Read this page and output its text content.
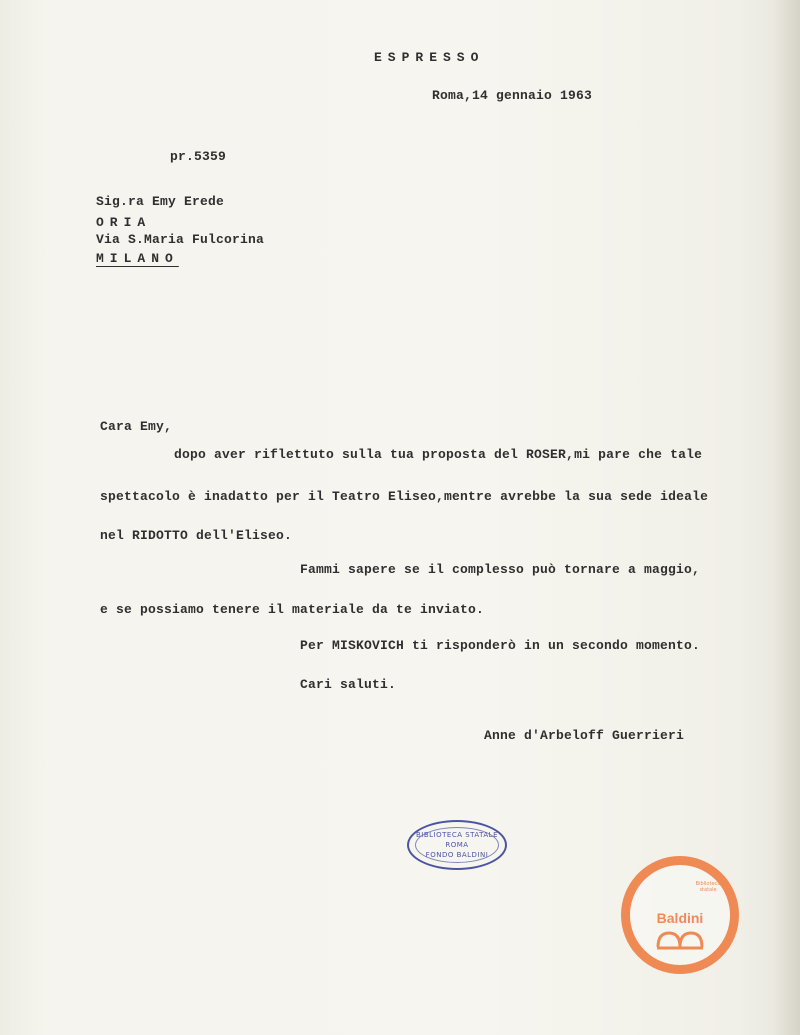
ESPRESSO
Roma,14 gennaio 1963
pr.5359
Sig.ra Emy Erede
ORIA
Via S.Maria Fulcorina
MILANO
Cara Emy,
dopo aver riflettuto sulla tua proposta del ROSER,mi pare che tale
spettacolo è inadatto per il Teatro Eliseo,mentre avrebbe la sua sede ideale
nel RIDOTTO dell'Eliseo.
Fammi sapere se il complesso può tornare a maggio,
e se possiamo tenere il materiale da te inviato.
Per MISKOVICH ti risponderò in un secondo momento.
Cari saluti.
Anne d'Arbeloff Guerrieri
BIBLIOTECA STATALE
ROMA
FONDO BALDINI
Biblioteca statale
Baldini
